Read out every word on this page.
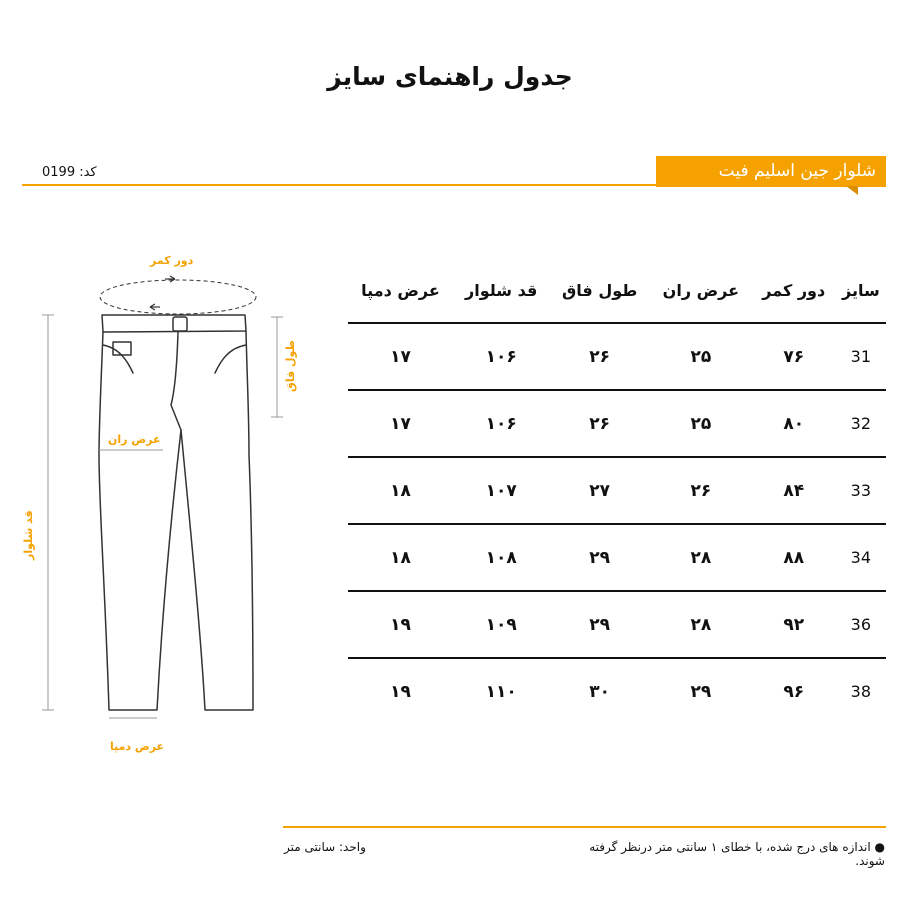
جدول راهنمای سایز
کد: 0199	شلوار جین اسلیم فیت
دور کمر
طول فاق
عرض ران
قد شلوار
عرض دمپا
سایز	دور کمر	عرض ران	طول فاق	قد شلوار	عرض دمپا
31	۷۶	۲۵	۲۶	۱۰۶	۱۷
32	۸۰	۲۵	۲۶	۱۰۶	۱۷
33	۸۴	۲۶	۲۷	۱۰۷	۱۸
34	۸۸	۲۸	۲۹	۱۰۸	۱۸
36	۹۲	۲۸	۲۹	۱۰۹	۱۹
38	۹۶	۲۹	۳۰	۱۱۰	۱۹
● اندازه های درج شده، با خطای ۱ سانتی متر درنظر گرفته شوند.
واحد: سانتی متر
